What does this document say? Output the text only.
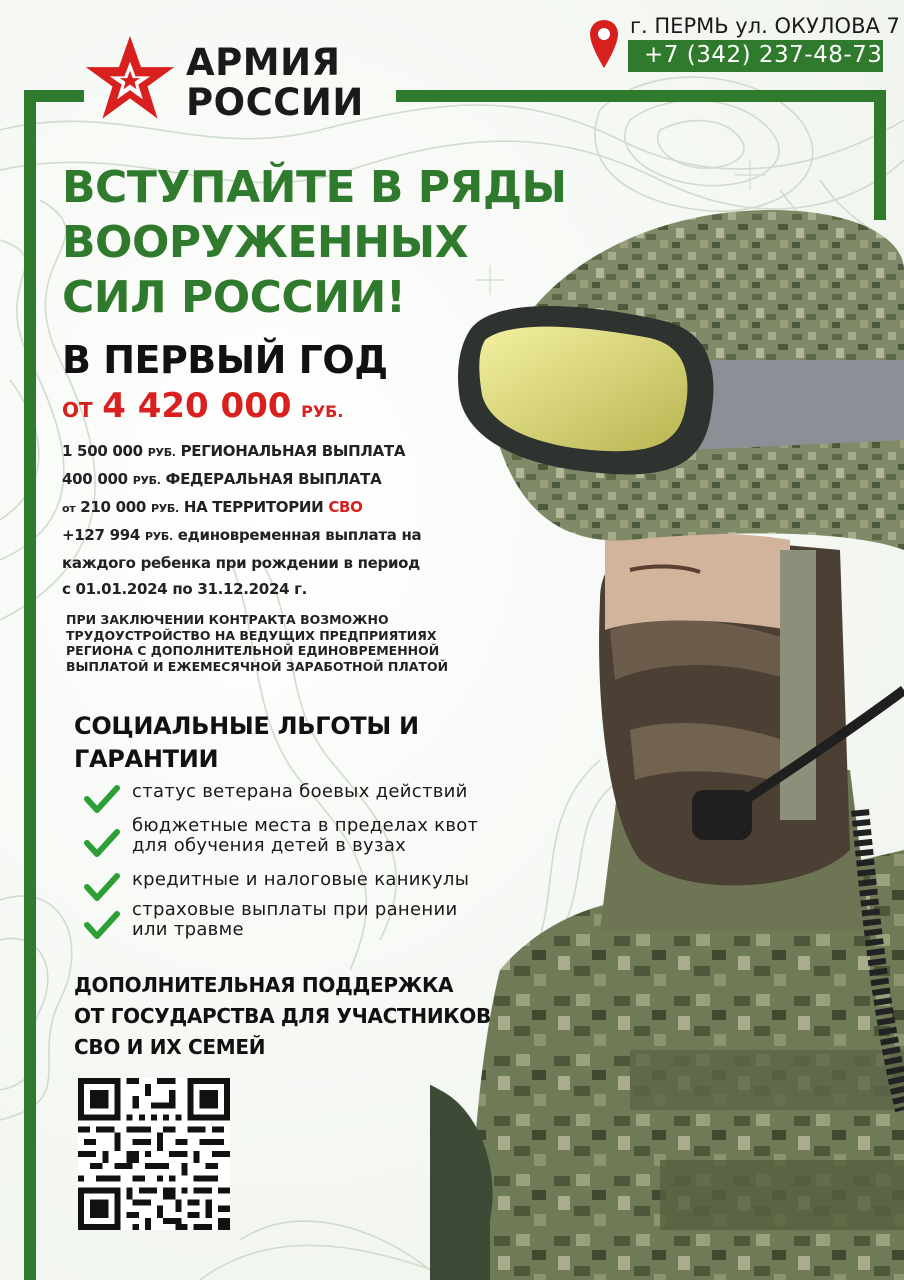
АРМИЯ
РОССИИ
г. ПЕРМЬ ул. ОКУЛОВА 7
+7 (342) 237-48-73
ВСТУПАЙТЕ В РЯДЫ
ВООРУЖЕННЫХ
СИЛ РОССИИ!
В ПЕРВЫЙ ГОД
ОТ 4 420 000 РУБ.
1 500 000 РУБ. РЕГИОНАЛЬНАЯ ВЫПЛАТА
400 000 РУБ. ФЕДЕРАЛЬНАЯ ВЫПЛАТА
от 210 000 РУБ. НА ТЕРРИТОРИИ СВО
+127 994 РУБ. единовременная выплата на
каждого ребенка при рождении в период
с 01.01.2024 по 31.12.2024 г.
ПРИ ЗАКЛЮЧЕНИИ КОНТРАКТА ВОЗМОЖНО
ТРУДОУСТРОЙСТВО НА ВЕДУЩИХ ПРЕДПРИЯТИЯХ
РЕГИОНА С ДОПОЛНИТЕЛЬНОЙ ЕДИНОВРЕМЕННОЙ
ВЫПЛАТОЙ И ЕЖЕМЕСЯЧНОЙ ЗАРАБОТНОЙ ПЛАТОЙ
СОЦИАЛЬНЫЕ ЛЬГОТЫ И
ГАРАНТИИ
статус ветерана боевых действий
бюджетные места в пределах квот
для обучения детей в вузах
кредитные и налоговые каникулы
страховые выплаты при ранении
или травме
ДОПОЛНИТЕЛЬНАЯ ПОДДЕРЖКА
ОТ ГОСУДАРСТВА ДЛЯ УЧАСТНИКОВ
СВО И ИХ СЕМЕЙ
